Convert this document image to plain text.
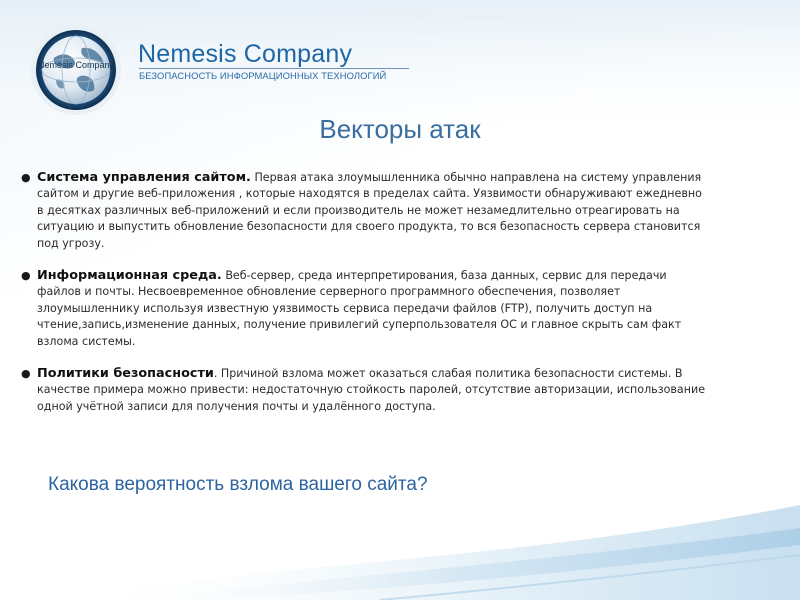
Nemesis Company Nemesis Company
БЕЗОПАСНОСТЬ ИНФОРМАЦИОННЫХ ТЕХНОЛОГИЙ
Векторы атак
● Система управления сайтом. Первая атака злоумышленника обычно направлена на систему управления сайтом и другие веб-приложения , которые находятся в пределах сайта. Уязвимости обнаруживают ежедневно в десятках различных веб-приложений и если производитель не может незамедлительно отреагировать на ситуацию и выпустить обновление безопасности для своего продукта, то вся безопасность сервера становится под угрозу.
● Информационная среда. Веб-сервер, среда интерпретирования, база данных, сервис для передачи файлов и почты. Несвоевременное обновление серверного программного обеспечения, позволяет злоумышленнику используя известную уязвимость сервиса передачи файлов (FTP), получить доступ на чтение,запись,изменение данных, получение привилегий суперпользователя ОС и главное скрыть сам факт взлома системы.
● Политики безопасности. Причиной взлома может оказаться слабая политика безопасности системы. В качестве примера можно привести: недостаточную стойкость паролей, отсутствие авторизации, использование одной учётной записи для получения почты и удалённого доступа.
Какова вероятность взлома вашего сайта?
